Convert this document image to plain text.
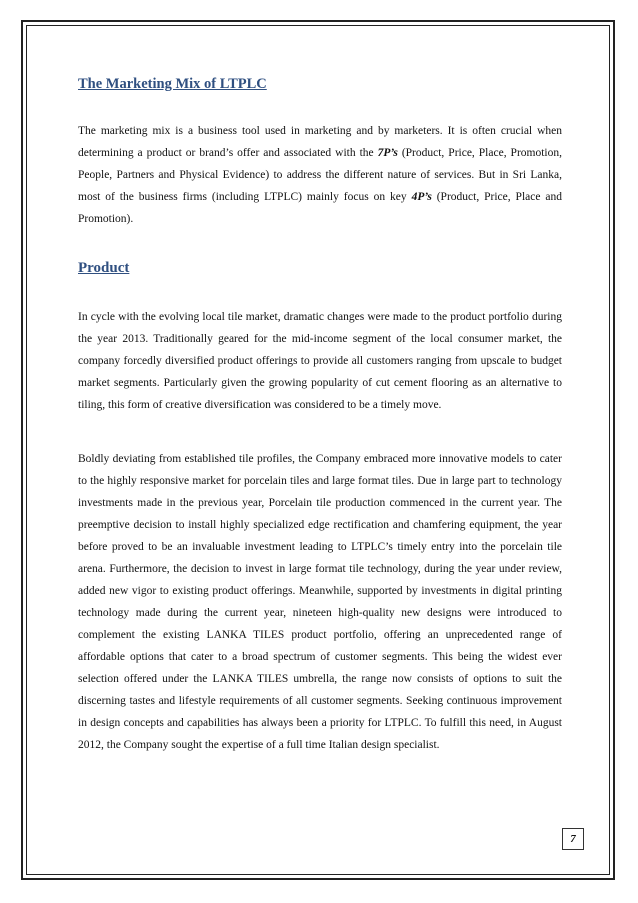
The Marketing Mix of LTPLC

The marketing mix is a business tool used in marketing and by marketers. It is often crucial when determining a product or brand’s offer and associated with the 7P’s (Product, Price, Place, Promotion, People, Partners and Physical Evidence) to address the different nature of services. But in Sri Lanka, most of the business firms (including LTPLC) mainly focus on key 4P’s (Product, Price, Place and Promotion).

Product

In cycle with the evolving local tile market, dramatic changes were made to the product portfolio during the year 2013. Traditionally geared for the mid-income segment of the local consumer market, the company forcedly diversified product offerings to provide all customers ranging from upscale to budget market segments. Particularly given the growing popularity of cut cement flooring as an alternative to tiling, this form of creative diversification was considered to be a timely move.

Boldly deviating from established tile profiles, the Company embraced more innovative models to cater to the highly responsive market for porcelain tiles and large format tiles. Due in large part to technology investments made in the previous year, Porcelain tile production commenced in the current year. The preemptive decision to install highly specialized edge rectification and chamfering equipment, the year before proved to be an invaluable investment leading to LTPLC’s timely entry into the porcelain tile arena. Furthermore, the decision to invest in large format tile technology, during the year under review, added new vigor to existing product offerings. Meanwhile, supported by investments in digital printing technology made during the current year, nineteen high-quality new designs were introduced to complement the existing LANKA TILES product portfolio, offering an unprecedented range of affordable options that cater to a broad spectrum of customer segments. This being the widest ever selection offered under the LANKA TILES umbrella, the range now consists of options to suit the discerning tastes and lifestyle requirements of all customer segments. Seeking continuous improvement in design concepts and capabilities has always been a priority for LTPLC. To fulfill this need, in August 2012, the Company sought the expertise of a full time Italian design specialist.

7
